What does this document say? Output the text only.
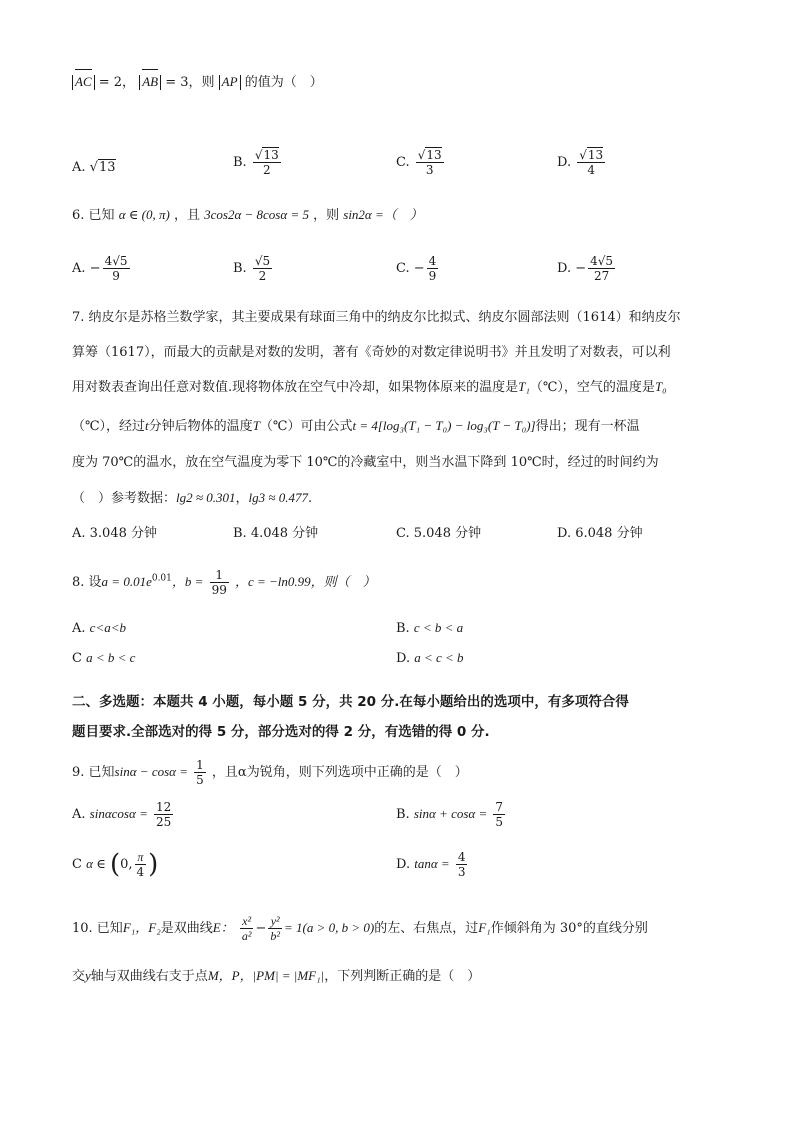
AC = 2， AB = 3，则 AP 的值为（　）
A. √13	B. $\frac{√13}{2}$	C. $\frac{√13}{3}$	D. $\frac{√13}{4}$
6. 已知 α ∈ (0, π) ，且 3cos2α − 8cosα = 5 ，则 sin2α =（　）
A. − $\frac{4√5}{9}$	B. $\frac{√5}{2}$	C. − $\frac{4}{9}$	D. − $\frac{4√5}{27}$
7. 纳皮尔是苏格兰数学家，其主要成果有球面三角中的纳皮尔比拟式、纳皮尔圆部法则（1614）和纳皮尔
算筹（1617），而最大的贡献是对数的发明，著有《奇妙的对数定律说明书》并且发明了对数表，可以利
用对数表查询出任意对数值.现将物体放在空气中冷却，如果物体原来的温度是T₁（℃），空气的温度是T₀
（℃），经过t分钟后物体的温度T（℃）可由公式t = 4[log₃(T₁ − T₀) − log₃(T − T₀)]得出；现有一杯温
度为 70℃的温水，放在空气温度为零下 10℃的冷藏室中，则当水温下降到 10℃时，经过的时间约为
（　）参考数据：lg2 ≈ 0.301，lg3 ≈ 0.477.
A. 3.048 分钟	B. 4.048 分钟	C. 5.048 分钟	D. 6.048 分钟
8. 设$a = 0.01e^{0.01}$，$b = \frac{1}{99}$ ，c = −ln0.99，则（　）
A. c<a<b	B. c < b < a
C a < b < c	D. a < c < b
二、多选题：本题共 4 小题，每小题 5 分，共 20 分.在每小题给出的选项中，有多项符合得
题目要求.全部选对的得 5 分，部分选对的得 2 分，有选错的得 0 分.
9. 已知$\sin\alpha - \cos\alpha = \frac{1}{5}$ ，且α为锐角，则下列选项中正确的是（　）
A. $\sin\alpha\cos\alpha = \frac{12}{25}$	B. $\sin\alpha + \cos\alpha = \frac{7}{5}$
C α ∈ (0, $\frac{\pi}{4}$ )	D. $\tan\alpha = \frac{4}{3}$
10. 已知F₁，F₂是双曲线E： $\frac{\text{x²}}{\text{a²}} - \frac{\text{y²}}{\text{b²}} = 1(a > 0$, b > 0)的左、右焦点，过F₁作倾斜角为 30°的直线分别
交y轴与双曲线右支于点M，P，|PM| = |MF₁|，下列判断正确的是（　）
